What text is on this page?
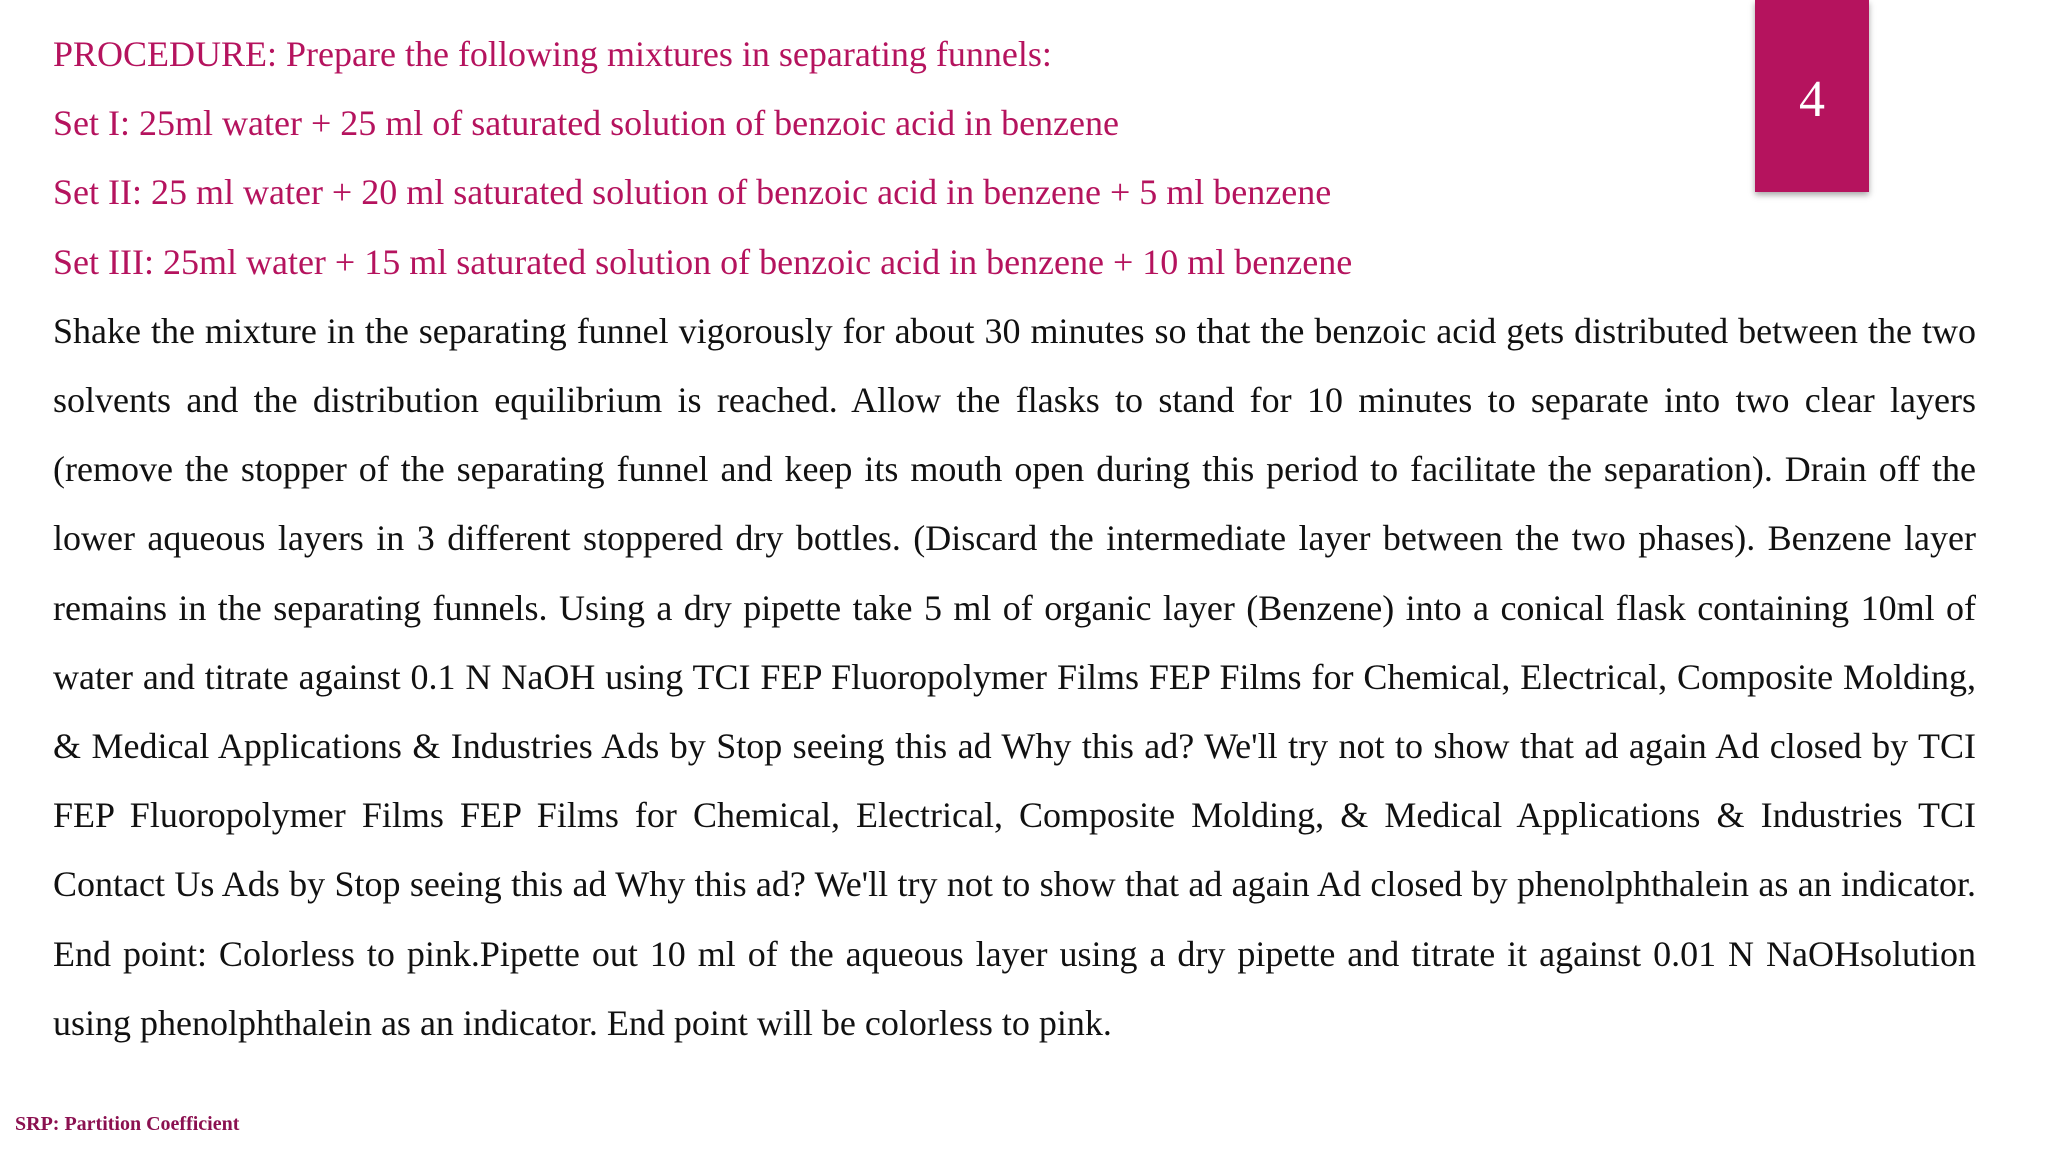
4
PROCEDURE: Prepare the following mixtures in separating funnels:
Set I: 25ml water + 25 ml of saturated solution of benzoic acid in benzene
Set II: 25 ml water + 20 ml saturated solution of benzoic acid in benzene + 5 ml benzene
Set III: 25ml water + 15 ml saturated solution of benzoic acid in benzene + 10 ml benzene
Shake the mixture in the separating funnel vigorously for about 30 minutes so that the benzoic acid gets distributed between the two solvents and the distribution equilibrium is reached. Allow the flasks to stand for 10 minutes to separate into two clear layers (remove the stopper of the separating funnel and keep its mouth open during this period to facilitate the separation). Drain off the lower aqueous layers in 3 different stoppered dry bottles. (Discard the intermediate layer between the two phases). Benzene layer remains in the separating funnels. Using a dry pipette take 5 ml of organic layer (Benzene) into a conical flask containing 10ml of water and titrate against 0.1 N NaOH using TCI FEP Fluoropolymer Films FEP Films for Chemical, Electrical, Composite Molding, & Medical Applications & Industries Ads by Stop seeing this ad Why this ad? We'll try not to show that ad again Ad closed by TCI FEP Fluoropolymer Films FEP Films for Chemical, Electrical, Composite Molding, & Medical Applications & Industries TCI Contact Us Ads by Stop seeing this ad Why this ad? We'll try not to show that ad again Ad closed by phenolphthalein as an indicator. End point: Colorless to pink.Pipette out 10 ml of the aqueous layer using a dry pipette and titrate it against 0.01 N NaOHsolution using phenolphthalein as an indicator. End point will be colorless to pink.
SRP: Partition Coefficient
